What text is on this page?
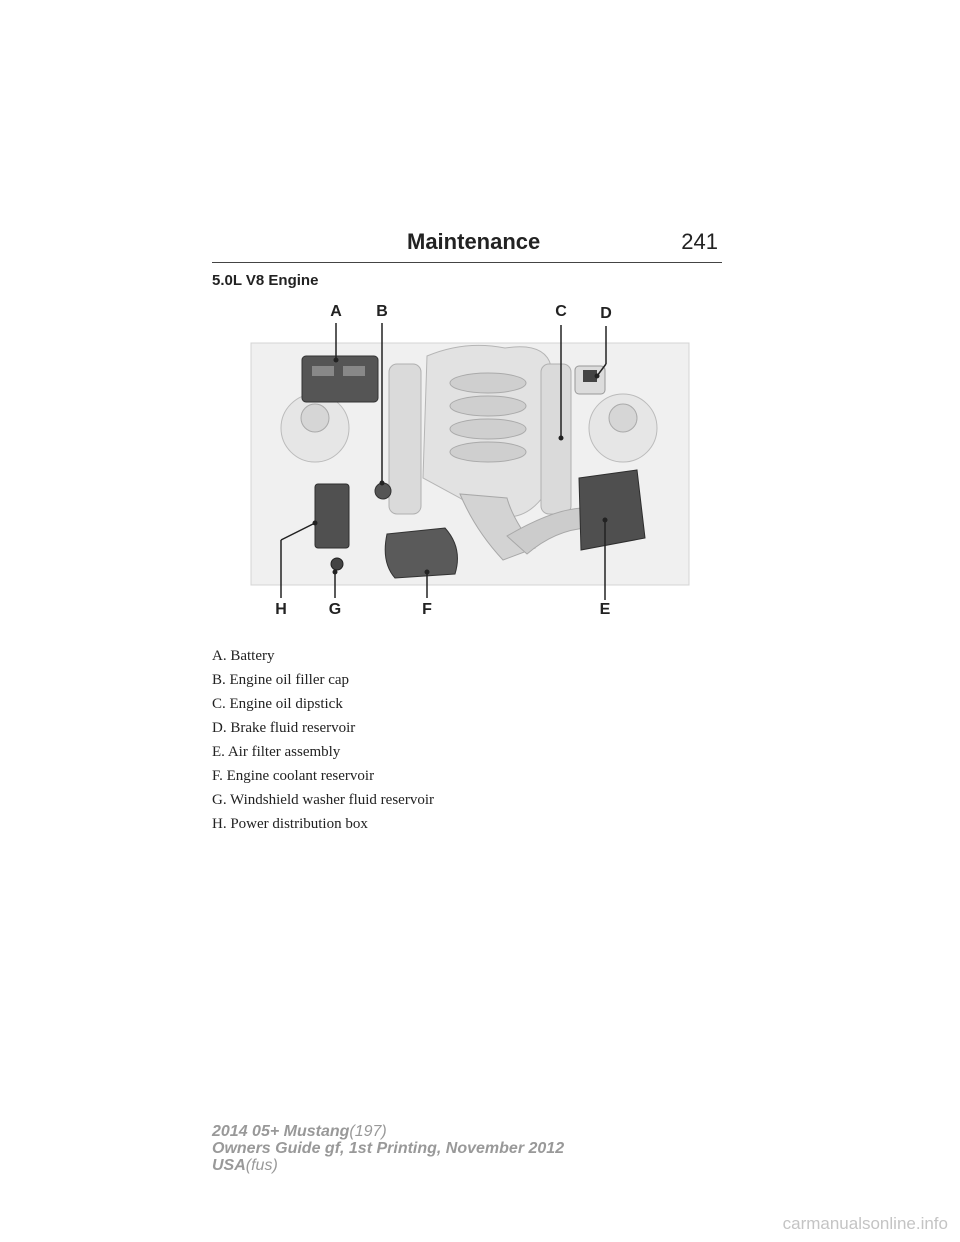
Maintenance	241
5.0L V8 Engine
A B	C D
E
F
G
H
A. Battery
B. Engine oil filler cap
C. Engine oil dipstick
D. Brake fluid reservoir
E. Air filter assembly
F. Engine coolant reservoir
G. Windshield washer fluid reservoir
H. Power distribution box
2014 05+ Mustang(197)
Owners Guide gf, 1st Printing, November 2012
USA(fus)
carmanualsonline.info
